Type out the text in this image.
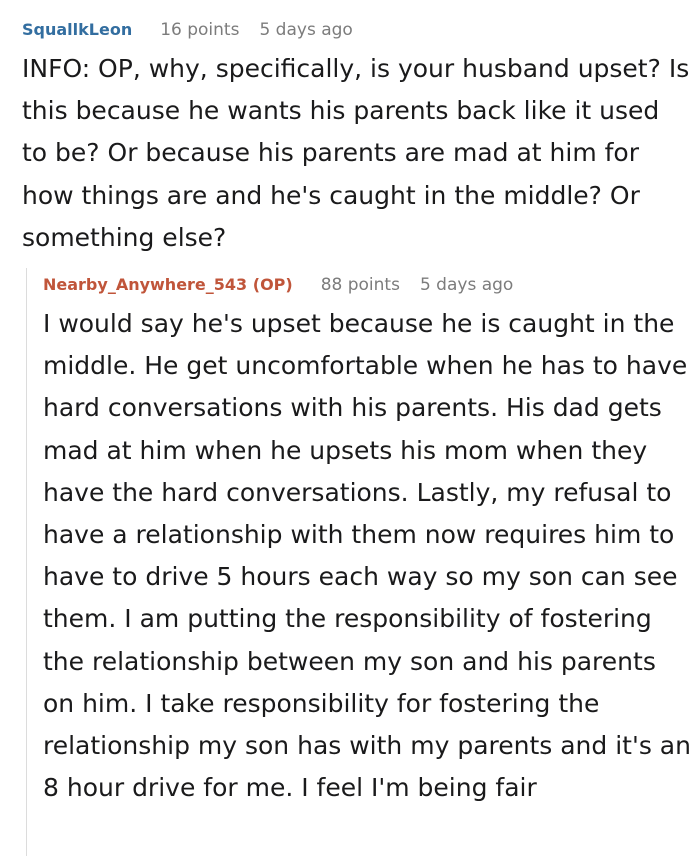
SquallkLeon 16 points 5 days ago

INFO: OP, why, specifically, is your husband upset? Is this because he wants his parents back like it used to be? Or because his parents are mad at him for how things are and he's caught in the middle? Or something else?

Nearby_Anywhere_543 (OP) 88 points 5 days ago

I would say he's upset because he is caught in the middle. He get uncomfortable when he has to have hard conversations with his parents. His dad gets mad at him when he upsets his mom when they have the hard conversations. Lastly, my refusal to have a relationship with them now requires him to have to drive 5 hours each way so my son can see them. I am putting the responsibility of fostering the relationship between my son and his parents on him. I take responsibility for fostering the relationship my son has with my parents and it's an 8 hour drive for me. I feel I'm being fair
